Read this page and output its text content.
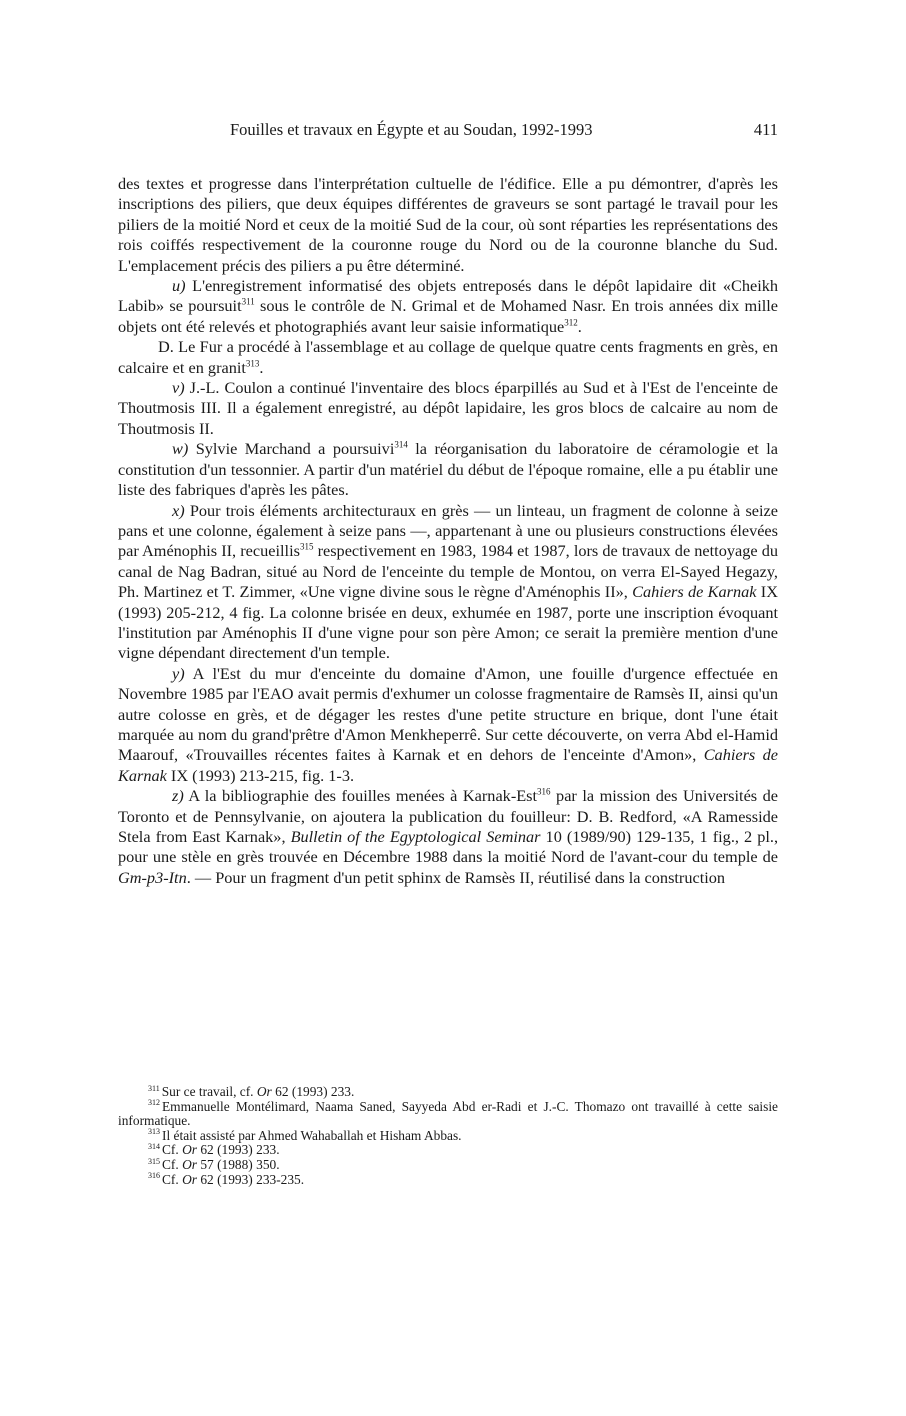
Fouilles et travaux en Égypte et au Soudan, 1992-1993	411

des textes et progresse dans l'interprétation cultuelle de l'édifice. Elle a pu démontrer, d'après les inscriptions des piliers, que deux équipes différentes de graveurs se sont partagé le travail pour les piliers de la moitié Nord et ceux de la moitié Sud de la cour, où sont réparties les représentations des rois coiffés respectivement de la couronne rouge du Nord ou de la couronne blanche du Sud. L'emplacement précis des piliers a pu être déterminé.

u) L'enregistrement informatisé des objets entreposés dans le dépôt lapidaire dit «Cheikh Labib» se poursuit$^{311}$ sous le contrôle de N. Grimal et de Mohamed Nasr. En trois années dix mille objets ont été relevés et photographiés avant leur saisie informatique$^{312}$.

D. Le Fur a procédé à l'assemblage et au collage de quelque quatre cents fragments en grès, en calcaire et en granit$^{313}$.

v) J.-L. Coulon a continué l'inventaire des blocs éparpillés au Sud et à l'Est de l'enceinte de Thoutmosis III. Il a également enregistré, au dépôt lapidaire, les gros blocs de calcaire au nom de Thoutmosis II.

w) Sylvie Marchand a poursuivi$^{314}$ la réorganisation du laboratoire de céramologie et la constitution d'un tessonnier. A partir d'un matériel du début de l'époque romaine, elle a pu établir une liste des fabriques d'après les pâtes.

x) Pour trois éléments architecturaux en grès — un linteau, un fragment de colonne à seize pans et une colonne, également à seize pans —, appartenant à une ou plusieurs constructions élevées par Aménophis II, recueillis$^{315}$ respectivement en 1983, 1984 et 1987, lors de travaux de nettoyage du canal de Nag Badran, situé au Nord de l'enceinte du temple de Montou, on verra El-Sayed Hegazy, Ph. Martinez et T. Zimmer, «Une vigne divine sous le règne d'Aménophis II», Cahiers de Karnak IX (1993) 205-212, 4 fig. La colonne brisée en deux, exhumée en 1987, porte une inscription évoquant l'institution par Aménophis II d'une vigne pour son père Amon; ce serait la première mention d'une vigne dépendant directement d'un temple.

y) A l'Est du mur d'enceinte du domaine d'Amon, une fouille d'urgence effectuée en Novembre 1985 par l'EAO avait permis d'exhumer un colosse fragmentaire de Ramsès II, ainsi qu'un autre colosse en grès, et de dégager les restes d'une petite structure en brique, dont l'une était marquée au nom du grand'prêtre d'Amon Menkheperrê. Sur cette découverte, on verra Abd el-Hamid Maarouf, «Trouvailles récentes faites à Karnak et en dehors de l'enceinte d'Amon», Cahiers de Karnak IX (1993) 213-215, fig. 1-3.

z) A la bibliographie des fouilles menées à Karnak-Est$^{316}$ par la mission des Universités de Toronto et de Pennsylvanie, on ajoutera la publication du fouilleur: D. B. Redford, «A Ramesside Stela from East Karnak», Bulletin of the Egyptological Seminar 10 (1989/90) 129-135, 1 fig., 2 pl., pour une stèle en grès trouvée en Décembre 1988 dans la moitié Nord de l'avant-cour du temple de Gm-p3-Itn. — Pour un fragment d'un petit sphinx de Ramsès II, réutilisé dans la construction

$^{311}$ Sur ce travail, cf. Or 62 (1993) 233.

$^{312}$ Emmanuelle Montélimard, Naama Saned, Sayyeda Abd er-Radi et J.-C. Thomazo ont travaillé à cette saisie informatique.

$^{313}$ Il était assisté par Ahmed Wahaballah et Hisham Abbas.

$^{314}$ Cf. Or 62 (1993) 233.

$^{315}$ Cf. Or 57 (1988) 350.

$^{316}$ Cf. Or 62 (1993) 233-235.
